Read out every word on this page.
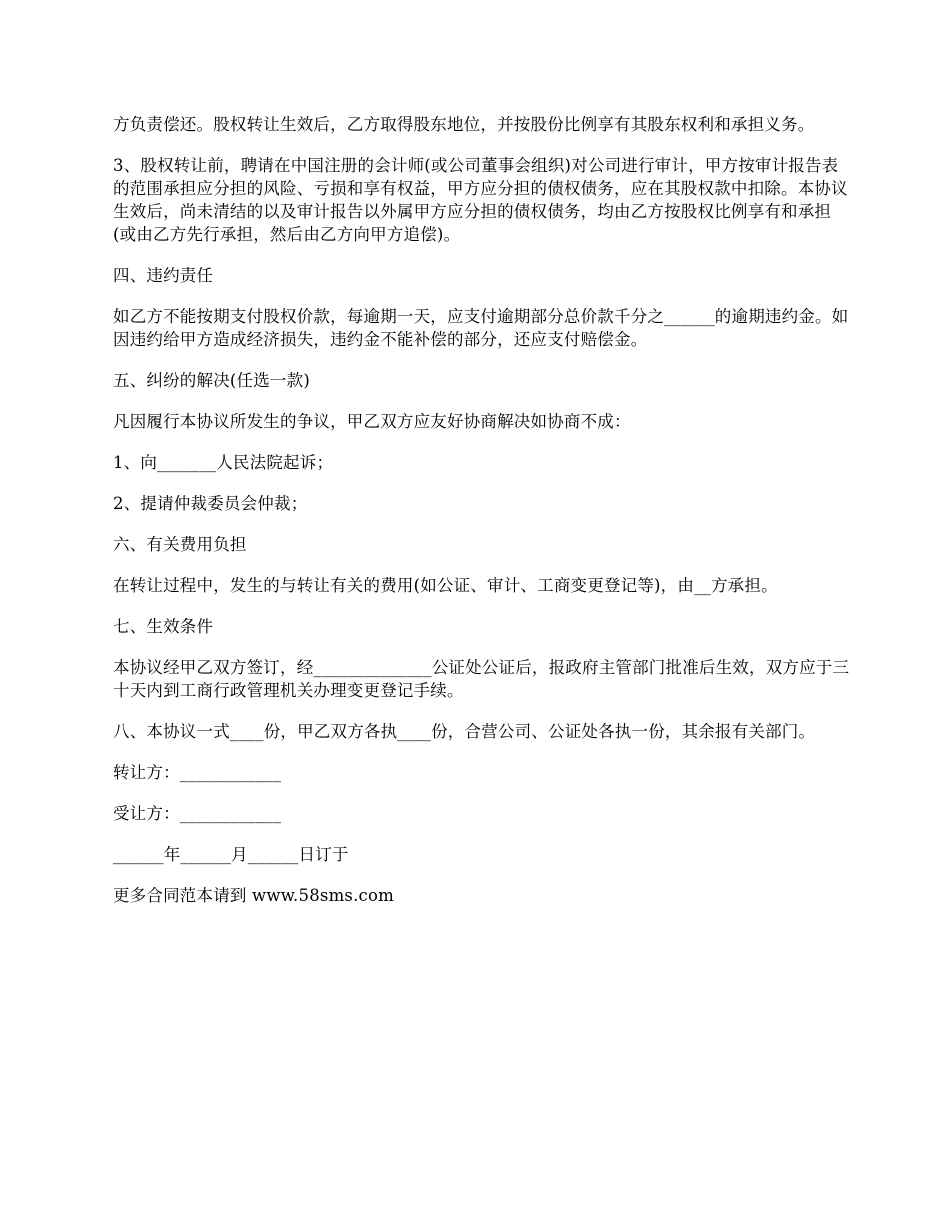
方负责偿还。股权转让生效后，乙方取得股东地位，并按股份比例享有其股东权利和承担义务。

3、股权转让前，聘请在中国注册的会计师(或公司董事会组织)对公司进行审计，甲方按审计报告表的范围承担应分担的风险、亏损和享有权益，甲方应分担的债权债务，应在其股权款中扣除。本协议生效后，尚未清结的以及审计报告以外属甲方应分担的债权债务，均由乙方按股权比例享有和承担(或由乙方先行承担，然后由乙方向甲方追偿)。

四、违约责任

如乙方不能按期支付股权价款，每逾期一天，应支付逾期部分总价款千分之______的逾期违约金。如因违约给甲方造成经济损失，违约金不能补偿的部分，还应支付赔偿金。

五、纠纷的解决(任选一款)

凡因履行本协议所发生的争议，甲乙双方应友好协商解决如协商不成：

1、向_______人民法院起诉；

2、提请仲裁委员会仲裁；

六、有关费用负担

在转让过程中，发生的与转让有关的费用(如公证、审计、工商变更登记等)，由__方承担。

七、生效条件

本协议经甲乙双方签订，经______________公证处公证后，报政府主管部门批准后生效，双方应于三十天内到工商行政管理机关办理变更登记手续。

八、本协议一式____份，甲乙双方各执____份，合营公司、公证处各执一份，其余报有关部门。

转让方：____________

受让方：____________

______年______月______日订于

更多合同范本请到 www.58sms.com
